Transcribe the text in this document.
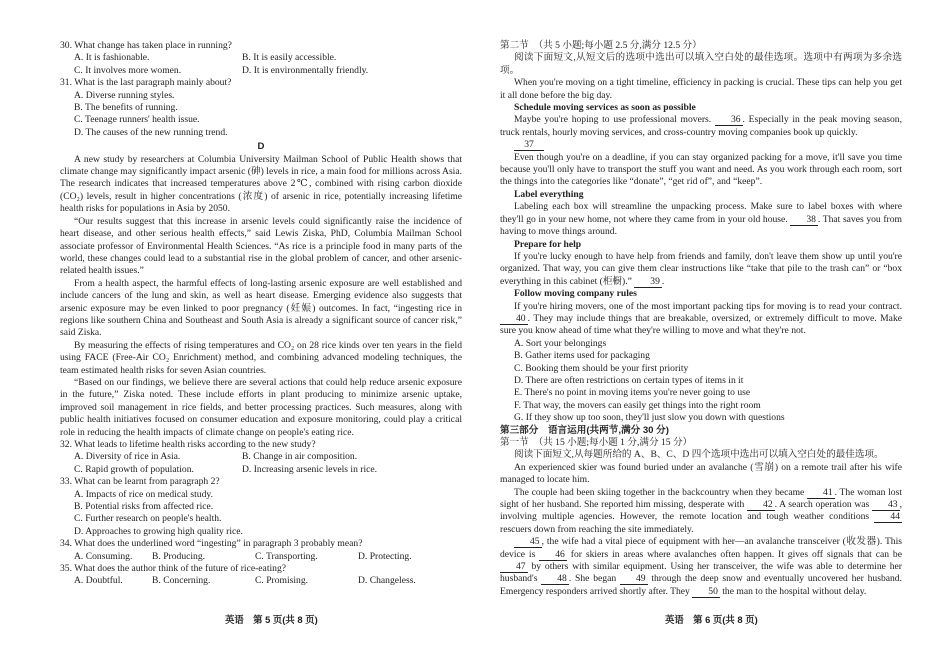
30. What change has taken place in running?

A. It is fashionable.	B. It is easily accessible.
C. It involves more women.	D. It is environmentally friendly.

31. What is the last paragraph mainly about?

A. Diverse running styles.
B. The benefits of running.
C. Teenage runners' health issue.
D. The causes of the new running trend.

D

A new study by researchers at Columbia University Mailman School of Public Health shows that climate change may significantly impact arsenic (砷) levels in rice, a main food for millions across Asia. The research indicates that increased temperatures above 2℃, combined with rising carbon dioxide (CO₂) levels, result in higher concentrations (浓度) of arsenic in rice, potentially increasing lifetime health risks for populations in Asia by 2050.

“Our results suggest that this increase in arsenic levels could significantly raise the incidence of heart disease, and other serious health effects,” said Lewis Ziska, PhD, Columbia Mailman School associate professor of Environmental Health Sciences. “As rice is a principle food in many parts of the world, these changes could lead to a substantial rise in the global problem of cancer, and other arsenic-related health issues.”

From a health aspect, the harmful effects of long-lasting arsenic exposure are well established and include cancers of the lung and skin, as well as heart disease. Emerging evidence also suggests that arsenic exposure may be even linked to poor pregnancy (妊娠) outcomes. In fact, “ingesting rice in regions like southern China and Southeast and South Asia is already a significant source of cancer risk,” said Ziska.

By measuring the effects of rising temperatures and CO₂ on 28 rice kinds over ten years in the field using FACE (Free-Air CO₂ Enrichment) method, and combining advanced modeling techniques, the team estimated health risks for seven Asian countries.

“Based on our findings, we believe there are several actions that could help reduce arsenic exposure in the future,” Ziska noted. These include efforts in plant producing to minimize arsenic uptake, improved soil management in rice fields, and better processing practices. Such measures, along with public health initiatives focused on consumer education and exposure monitoring, could play a critical role in reducing the health impacts of climate change on people's eating rice.

32. What leads to lifetime health risks according to the new study?

A. Diversity of rice in Asia.	B. Change in air composition.
C. Rapid growth of population.	D. Increasing arsenic levels in rice.

33. What can be learnt from paragraph 2?

A. Impacts of rice on medical study.
B. Potential risks from affected rice.
C. Further research on people's health.
D. Approaches to growing high quality rice.

34. What does the underlined word “ingesting” in paragraph 3 probably mean?

A. Consuming.	B. Producing.	C. Transporting.	D. Protecting.

35. What does the author think of the future of rice-eating?

A. Doubtful.	B. Concerning.	C. Promising.	D. Changeless.

第二节　（共 5 小题;每小题 2.5 分,满分 12.5 分）

阅读下面短文,从短文后的选项中选出可以填入空白处的最佳选项。选项中有两项为多余选项。

When you're moving on a tight timeline, efficiency in packing is crucial. These tips can help you get it all done before the big day.

Schedule moving services as soon as possible

Maybe you're hoping to use professional movers. 36 . Especially in the peak moving season, truck rentals, hourly moving services, and cross-country moving companies book up quickly.

37

Even though you're on a deadline, if you can stay organized packing for a move, it'll save you time because you'll only have to transport the stuff you want and need. As you work through each room, sort the things into the categories like “donate”, “get rid of”, and “keep”.

Label everything

Labeling each box will streamline the unpacking process. Make sure to label boxes with where they'll go in your new home, not where they came from in your old house. 38 . That saves you from having to move things around.

Prepare for help

If you're lucky enough to have help from friends and family, don't leave them show up until you're organized. That way, you can give them clear instructions like “take that pile to the trash can” or “box everything in this cabinet (柜橱).” 39 .

Follow moving company rules

If you're hiring movers, one of the most important packing tips for moving is to read your contract. 40 . They may include things that are breakable, oversized, or extremely difficult to move. Make sure you know ahead of time what they're willing to move and what they're not.

A. Sort your belongings
B. Gather items used for packaging
C. Booking them should be your first priority
D. There are often restrictions on certain types of items in it
E. There's no point in moving items you're never going to use
F. That way, the movers can easily get things into the right room
G. If they show up too soon, they'll just slow you down with questions

第三部分　语言运用(共两节,满分 30 分)

第一节　（共 15 小题;每小题 1 分,满分 15 分）

阅读下面短文,从每题所给的 A、B、C、D 四个选项中选出可以填入空白处的最佳选项。

An experienced skier was found buried under an avalanche (雪崩) on a remote trail after his wife managed to locate him.

The couple had been skiing together in the backcountry when they became 41 . The woman lost sight of her husband. She reported him missing, desperate with 42 . A search operation was 43 , involving multiple agencies. However, the remote location and tough weather conditions 44 rescuers down from reaching the site immediately.

45 , the wife had a vital piece of equipment with her—an avalanche transceiver (收发器). This device is 46 for skiers in areas where avalanches often happen. It gives off signals that can be 47 by others with similar equipment. Using her transceiver, the wife was able to determine her husband's 48 . She began 49 through the deep snow and eventually uncovered her husband. Emergency responders arrived shortly after. They 50 the man to the hospital without delay.

英语　第 5 页(共 8 页)	英语　第 6 页(共 8 页)
